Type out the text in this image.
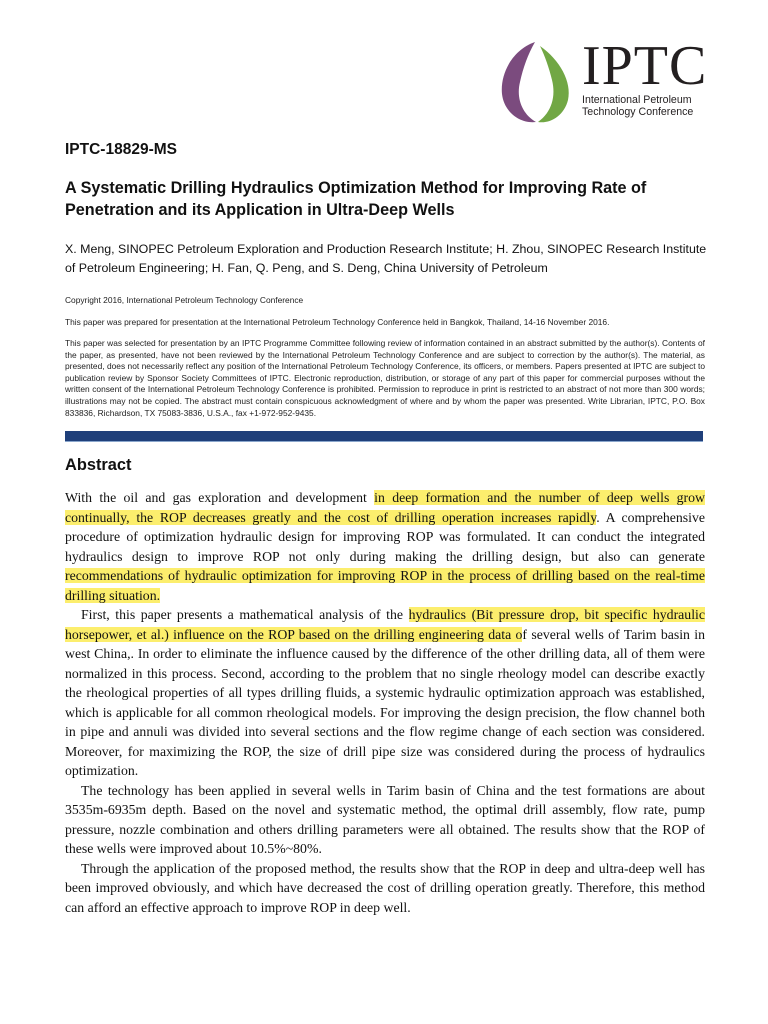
IPTC
International Petroleum
Technology Conference
IPTC-18829-MS
A Systematic Drilling Hydraulics Optimization Method for Improving Rate of Penetration and its Application in Ultra-Deep Wells
X. Meng, SINOPEC Petroleum Exploration and Production Research Institute; H. Zhou, SINOPEC Research Institute of Petroleum Engineering; H. Fan, Q. Peng, and S. Deng, China University of Petroleum
Copyright 2016, International Petroleum Technology Conference
This paper was prepared for presentation at the International Petroleum Technology Conference held in Bangkok, Thailand, 14-16 November 2016.
This paper was selected for presentation by an IPTC Programme Committee following review of information contained in an abstract submitted by the author(s). Contents of the paper, as presented, have not been reviewed by the International Petroleum Technology Conference and are subject to correction by the author(s). The material, as presented, does not necessarily reflect any position of the International Petroleum Technology Conference, its officers, or members. Papers presented at IPTC are subject to publication review by Sponsor Society Committees of IPTC. Electronic reproduction, distribution, or storage of any part of this paper for commercial purposes without the written consent of the International Petroleum Technology Conference is prohibited. Permission to reproduce in print is restricted to an abstract of not more than 300 words; illustrations may not be copied. The abstract must contain conspicuous acknowledgment of where and by whom the paper was presented. Write Librarian, IPTC, P.O. Box 833836, Richardson, TX 75083-3836, U.S.A., fax +1-972-952-9435.
Abstract

With the oil and gas exploration and development in deep formation and the number of deep wells grow continually, the ROP decreases greatly and the cost of drilling operation increases rapidly. A comprehensive procedure of optimization hydraulic design for improving ROP was formulated. It can conduct the integrated hydraulics design to improve ROP not only during making the drilling design, but also can generate recommendations of hydraulic optimization for improving ROP in the process of drilling based on the real-time drilling situation.

First, this paper presents a mathematical analysis of the hydraulics (Bit pressure drop, bit specific hydraulic horsepower, et al.) influence on the ROP based on the drilling engineering data of several wells of Tarim basin in west China,. In order to eliminate the influence caused by the difference of the other drilling data, all of them were normalized in this process. Second, according to the problem that no single rheology model can describe exactly the rheological properties of all types drilling fluids, a systemic hydraulic optimization approach was established, which is applicable for all common rheological models. For improving the design precision, the flow channel both in pipe and annuli was divided into several sections and the flow regime change of each section was considered. Moreover, for maximizing the ROP, the size of drill pipe size was considered during the process of hydraulics optimization.

The technology has been applied in several wells in Tarim basin of China and the test formations are about 3535m-6935m depth. Based on the novel and systematic method, the optimal drill assembly, flow rate, pump pressure, nozzle combination and others drilling parameters were all obtained. The results show that the ROP of these wells were improved about 10.5%~80%.

Through the application of the proposed method, the results show that the ROP in deep and ultra-deep well has been improved obviously, and which have decreased the cost of drilling operation greatly. Therefore, this method can afford an effective approach to improve ROP in deep well.
